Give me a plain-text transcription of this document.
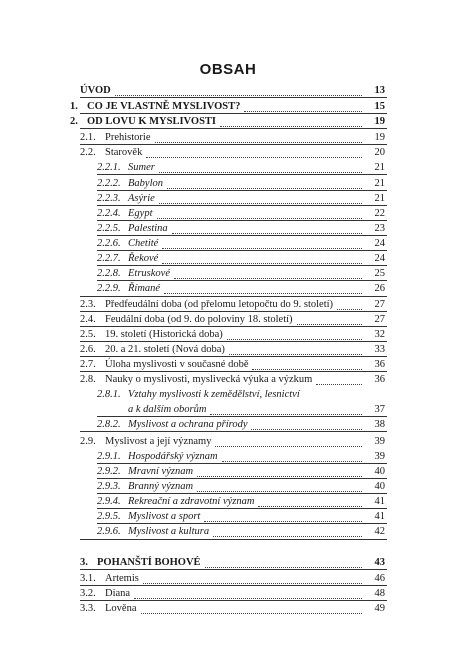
OBSAH
ÚVOD	13
1. CO JE VLASTNĚ MYSLIVOST?	15
2. OD LOVU K MYSLIVOSTI	19
2.1. Prehistorie	19
2.2. Starověk	20
2.2.1. Sumer	21
2.2.2. Babylon	21
2.2.3. Asýrie	21
2.2.4. Egypt	22
2.2.5. Palestina	23
2.2.6. Chetité	24
2.2.7. Řekové	24
2.2.8. Etruskové	25
2.2.9. Římané	26
2.3. Předfeudální doba (od přelomu letopočtu do 9. století)	27
2.4. Feudální doba (od 9. do poloviny 18. století)	27
2.5. 19. století (Historická doba)	32
2.6. 20. a 21. století (Nová doba)	33
2.7. Úloha myslivosti v současné době	36
2.8. Nauky o myslivosti, myslivecká výuka a výzkum	36
2.8.1. Vztahy myslivosti k zemědělství, lesnictví
a k dalším oborům	37
2.8.2. Myslivost a ochrana přírody	38
2.9. Myslivost a její významy	39
2.9.1. Hospodářský význam	39
2.9.2. Mravní význam	40
2.9.3. Branný význam	40
2.9.4. Rekreační a zdravotní význam	41
2.9.5. Myslivost a sport	41
2.9.6. Myslivost a kultura	42
3. POHANŠTÍ BOHOVÉ	43
3.1. Artemis	46
3.2. Diana	48
3.3. Lověna	49
